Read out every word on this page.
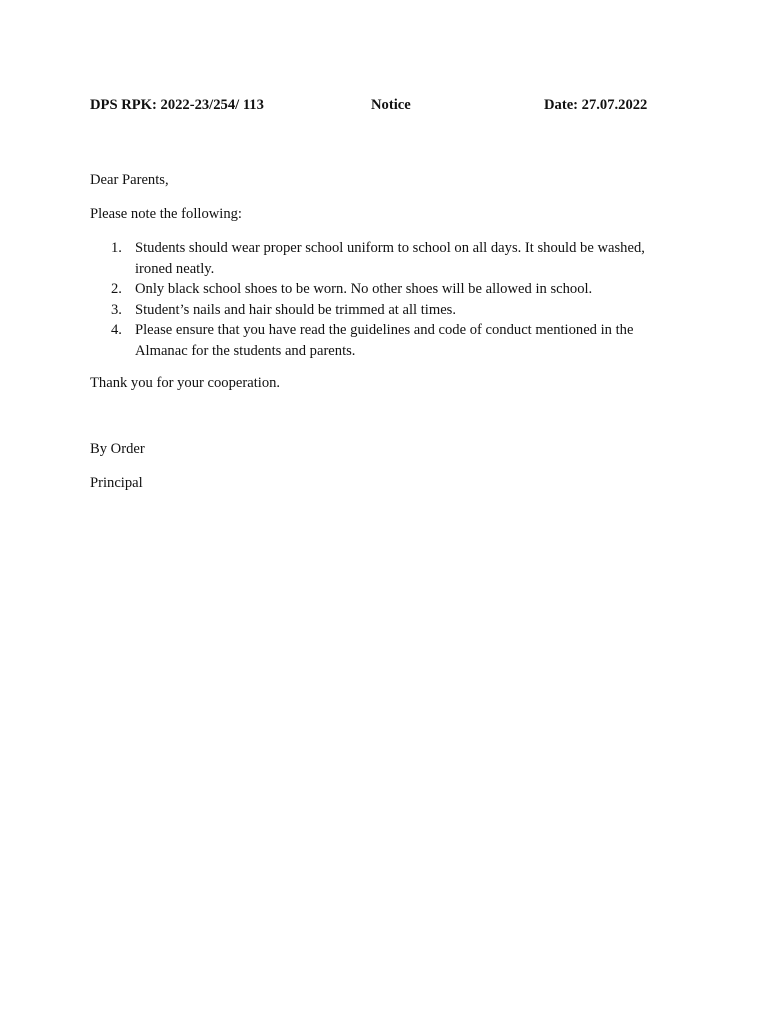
DPS RPK: 2022-23/254/ 113	Notice	Date: 27.07.2022
Dear Parents,
Please note the following:
1. Students should wear proper school uniform to school on all days. It should be washed, ironed neatly.
2. Only black school shoes to be worn. No other shoes will be allowed in school.
3. Student’s nails and hair should be trimmed at all times.
4. Please ensure that you have read the guidelines and code of conduct mentioned in the Almanac for the students and parents.
Thank you for your cooperation.
By Order
Principal
